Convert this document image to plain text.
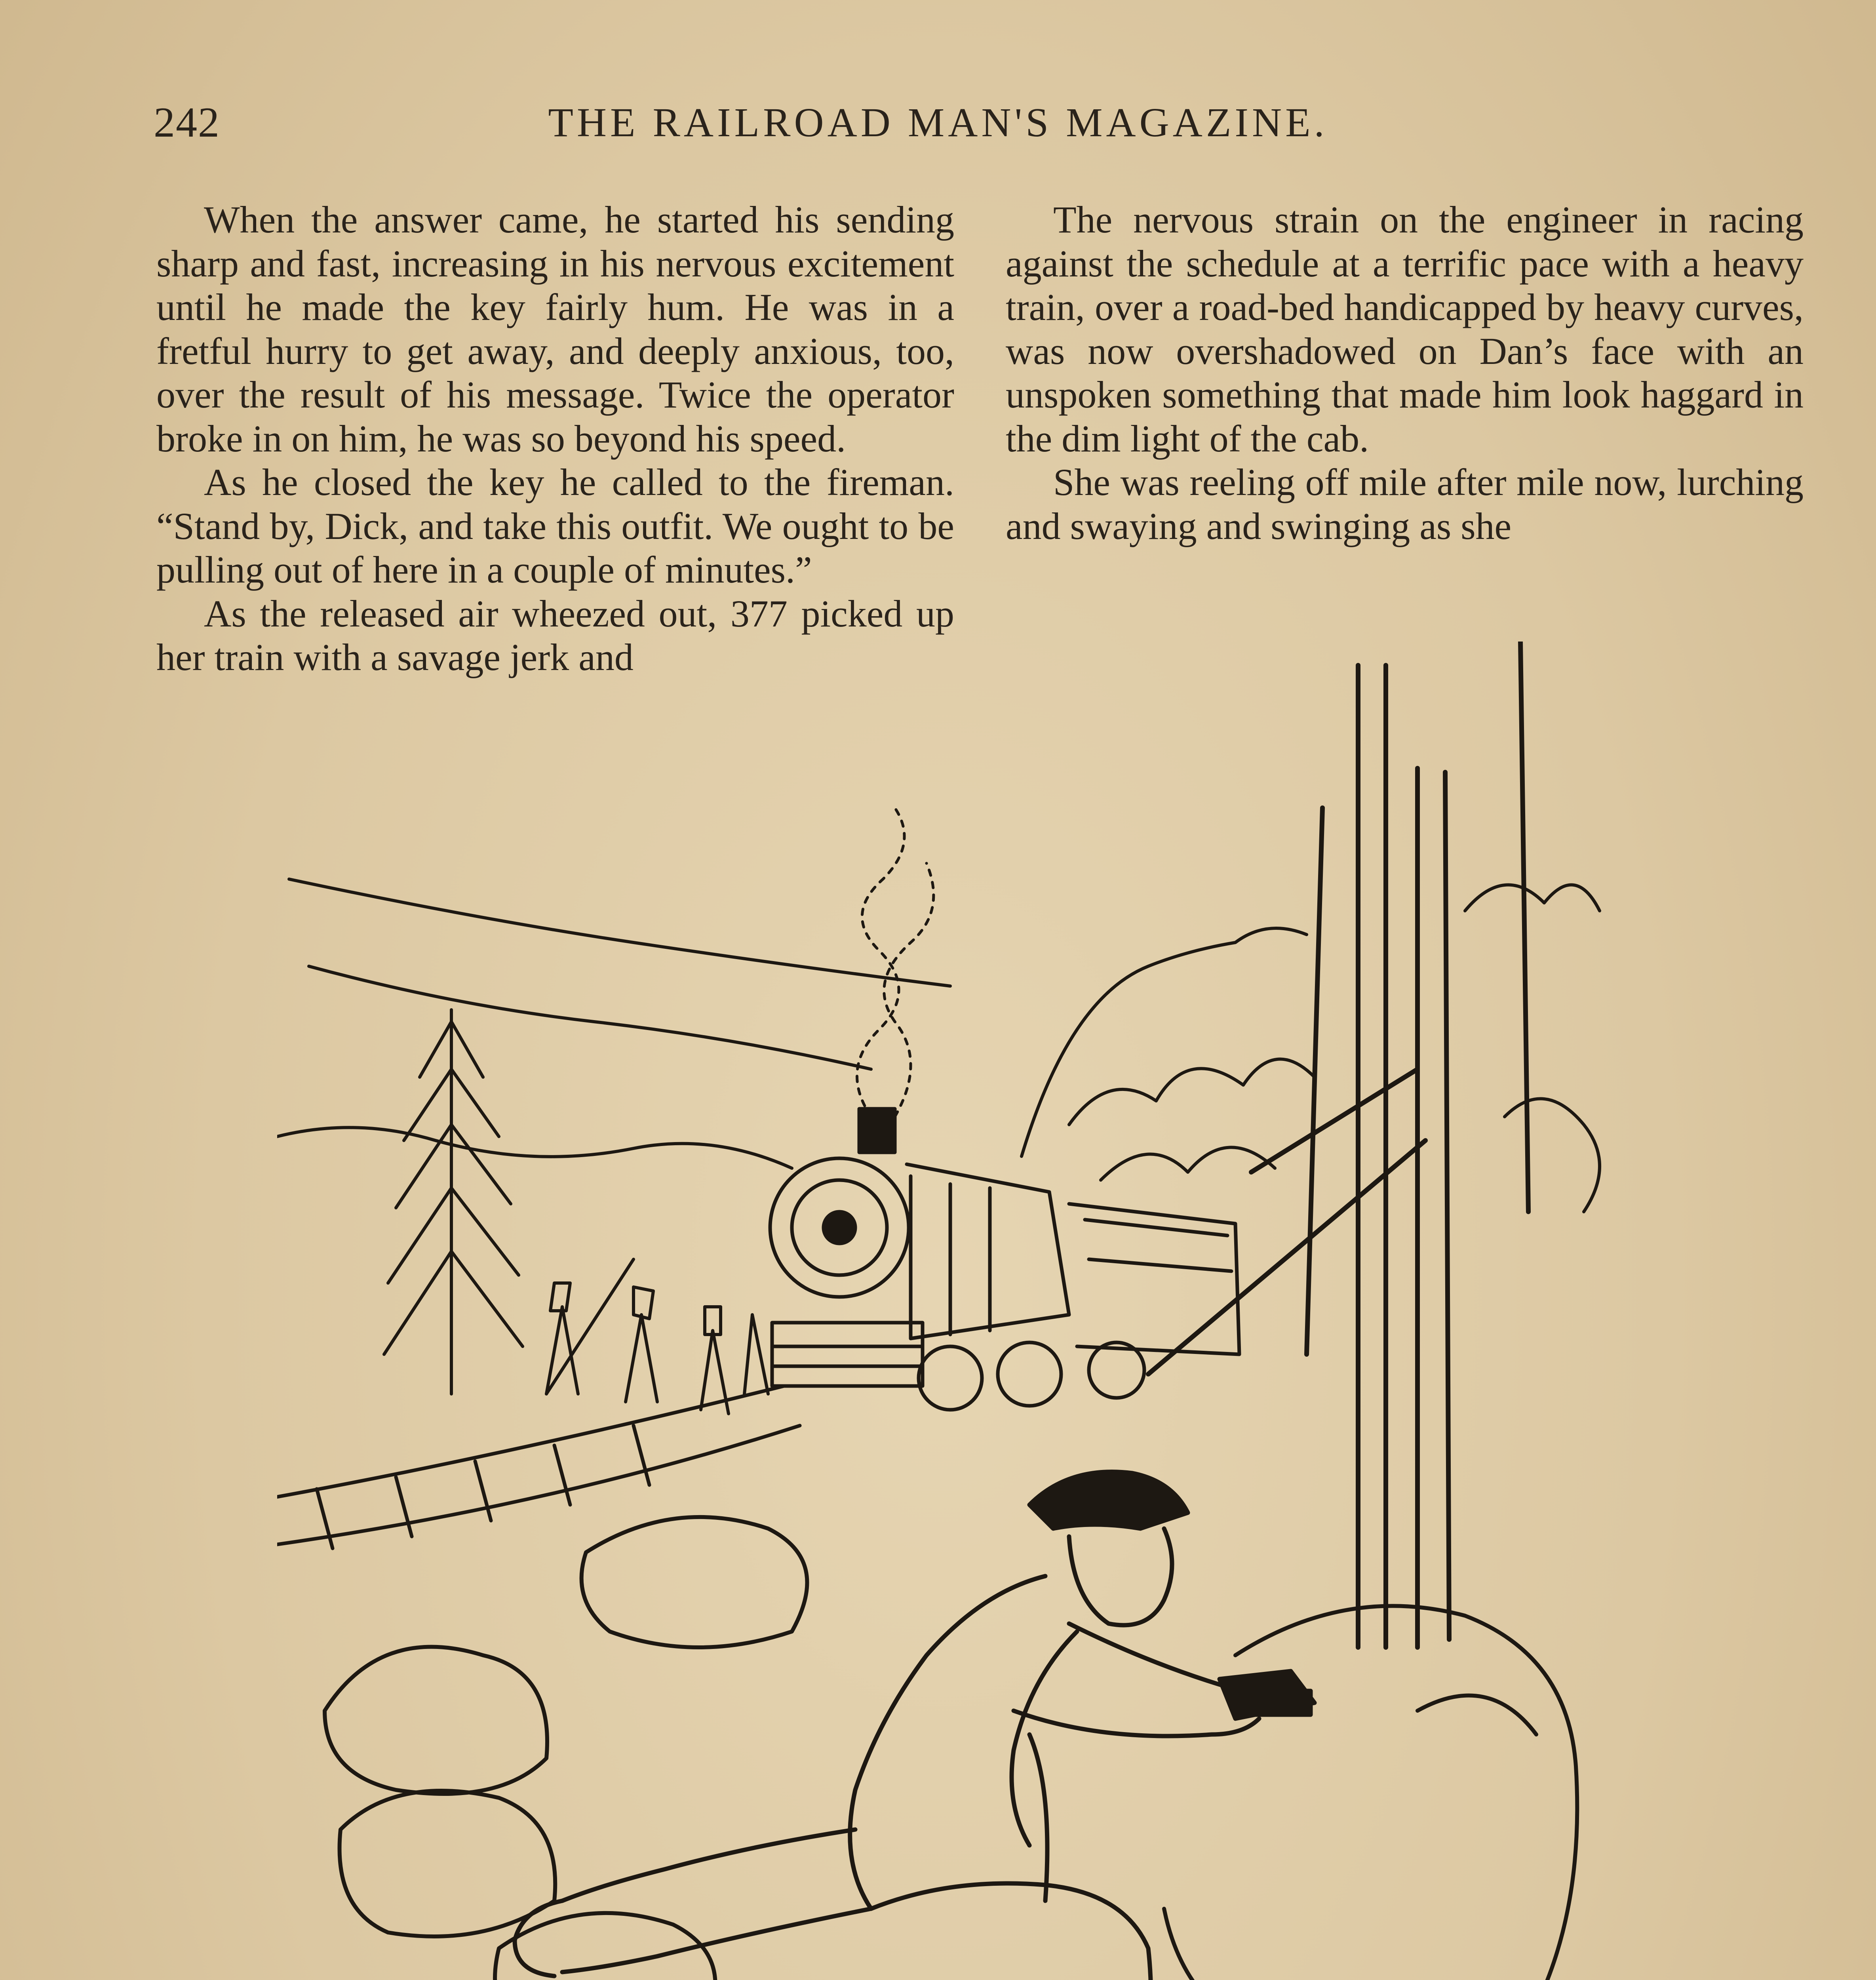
242	THE RAILROAD MAN'S MAGAZINE.

When the answer came, he started his sending sharp and fast, increasing in his nervous excitement until he made the key fairly hum. He was in a fretful hurry to get away, and deeply anxious, too, over the result of his message. Twice the operator broke in on him, he was so beyond his speed.

As he closed the key he called to the fireman. “Stand by, Dick, and take this outfit. We ought to be pulling out of here in a couple of minutes.”

As the released air wheezed out, 377 picked up her train with a savage jerk and

The nervous strain on the engineer in racing against the schedule at a terrific pace with a heavy train, over a road-bed handicapped by heavy curves, was now overshadowed on Dan’s face with an unspoken something that made him look haggard in the dim light of the cab.

She was reeling off mile after mile now, lurching and swaying and swinging as she
